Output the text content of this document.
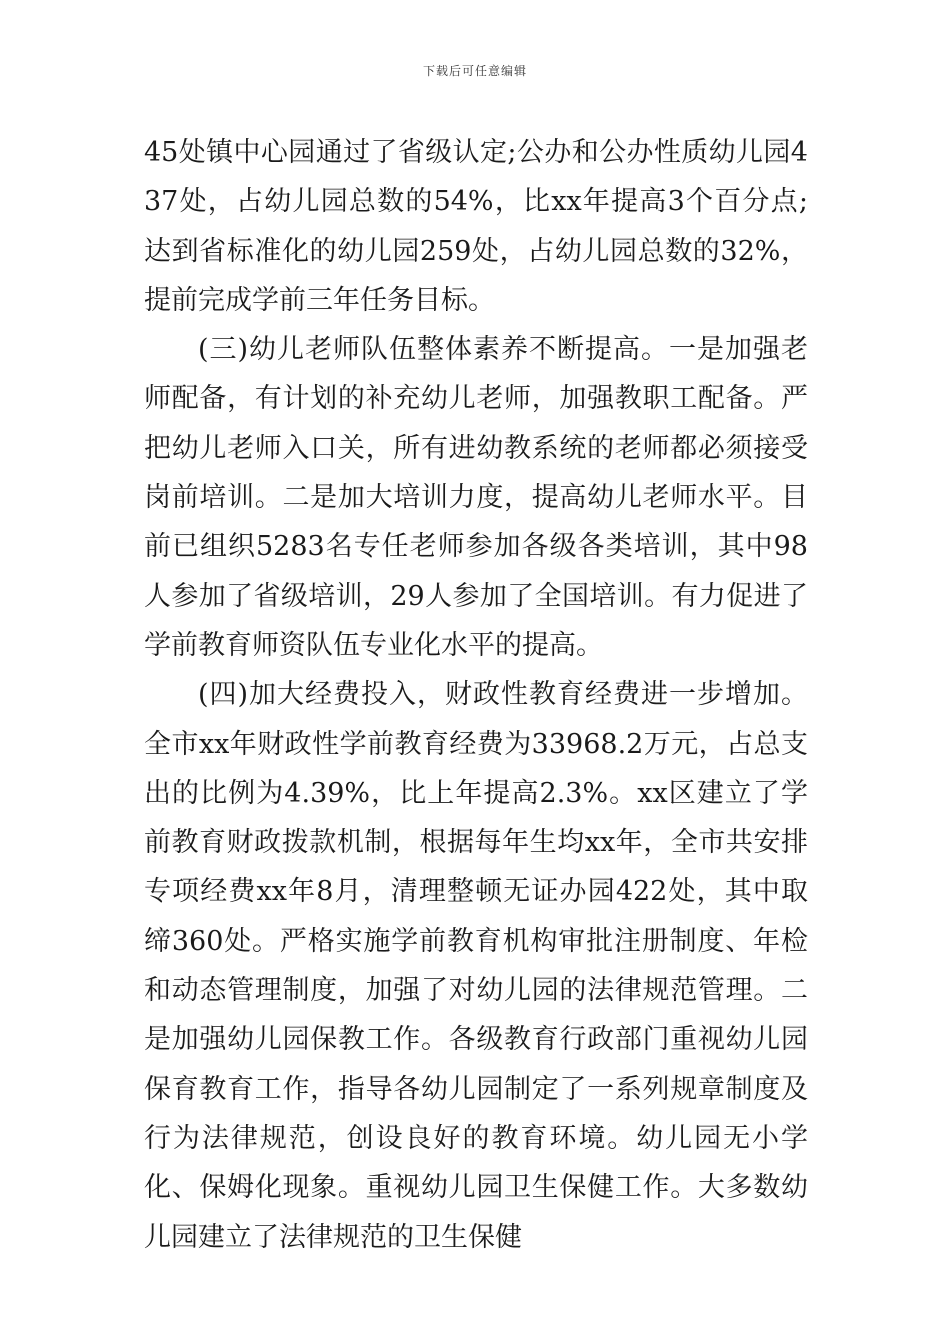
下载后可任意编辑

45处镇中心园通过了省级认定;公办和公办性质幼儿园437处，占幼儿园总数的54%，比xx年提高3个百分点;达到省标准化的幼儿园259处，占幼儿园总数的32%，提前完成学前三年任务目标。

(三)幼儿老师队伍整体素养不断提高。一是加强老师配备，有计划的补充幼儿老师，加强教职工配备。严把幼儿老师入口关，所有进幼教系统的老师都必须接受岗前培训。二是加大培训力度，提高幼儿老师水平。目前已组织5283名专任老师参加各级各类培训，其中98人参加了省级培训，29人参加了全国培训。有力促进了学前教育师资队伍专业化水平的提高。

(四)加大经费投入，财政性教育经费进一步增加。全市xx年财政性学前教育经费为33968.2万元，占总支出的比例为4.39%，比上年提高2.3%。xx区建立了学前教育财政拨款机制，根据每年生均xx年，全市共安排专项经费xx年8月，清理整顿无证办园422处，其中取缔360处。严格实施学前教育机构审批注册制度、年检和动态管理制度，加强了对幼儿园的法律规范管理。二是加强幼儿园保教工作。各级教育行政部门重视幼儿园保育教育工作，指导各幼儿园制定了一系列规章制度及行为法律规范，创设良好的教育环境。幼儿园无小学化、保姆化现象。重视幼儿园卫生保健工作。大多数幼儿园建立了法律规范的卫生保健
